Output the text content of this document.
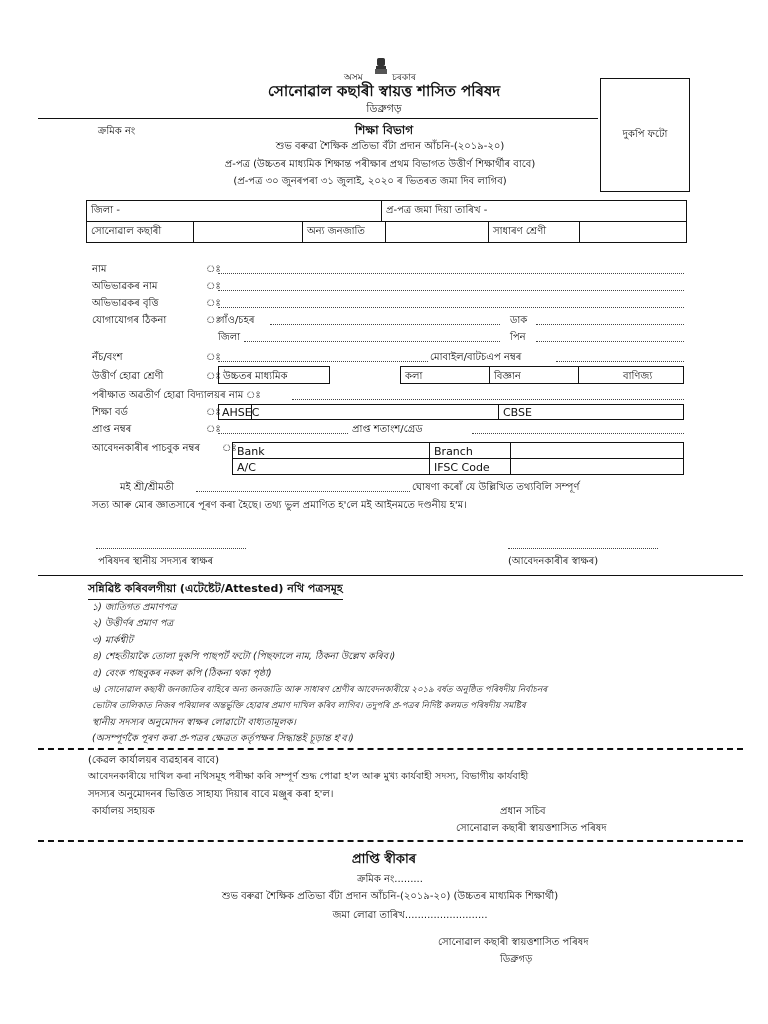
অসম	চৰকাৰ
সোনোৱাল কছাৰী স্বায়ত্ত শাসিত পৰিষদ
ডিব্ৰুগড়
ক্ৰমিক নং	শিক্ষা বিভাগ
শুভ বৰুৱা শৈক্ষিক প্ৰতিভা বঁটা প্ৰদান আঁচনি-(২০১৯-২০)
প্ৰ-পত্ৰ (উচ্চতৰ মাধ্যমিক শিক্ষান্ত পৰীক্ষাৰ প্ৰথম বিভাগত উত্তীৰ্ণ শিক্ষাৰ্থীৰ বাবে)
(প্ৰ-পত্ৰ ৩০ জুনৰপৰা ৩১ জুলাই, ২০২০ ৰ ভিতৰত জমা দিব লাগিব)
দুকপি ফটো
জিলা -	প্ৰ-পত্ৰ জমা দিয়া তাৰিখ -
সোনোৱাল কছাৰী	অন্য জনজাতি	সাধাৰণ শ্ৰেণী
নাম	ঃ
অভিভাৱকৰ নাম	ঃ
অভিভাৱকৰ বৃত্তি	ঃ
যোগাযোগৰ ঠিকনা	ঃ
গাঁও/চহৰ	ডাক
জিলা	পিন
নঁচ/বংশ	ঃ	মোবাইল/বাটচএপ নম্বৰ
উত্তীৰ্ণ হোৱা শ্ৰেণী	ঃ উচ্চতৰ মাধ্যমিক	কলা	বিজ্ঞান	বাণিজ্য
পৰীক্ষাত অৱতীৰ্ণ হোৱা বিদ্যালয়ৰ নাম ঃ
শিক্ষা বৰ্ড	ঃ AHSEC	CBSE
প্ৰাপ্ত নম্বৰ	ঃ	প্ৰাপ্ত শতাংশ/গ্ৰেড
আবেদনকাৰীৰ পাচবুক নম্বৰ ঃ Bank	Branch
A/C	IFSC Code
মই শ্ৰী/শ্ৰীমতী	ঘোষণা কৰোঁ যে উল্লিখিত তথ্যবিলি সম্পূৰ্ণ
সত্য আৰু মোৰ জ্ঞাতসাৰে পূৰণ কৰা হৈছে। তথ্য ভুল প্ৰমাণিত হ'লে মই আইনমতে দণ্ডনীয় হ'ম।
পৰিষদৰ স্থানীয় সদস্যৰ স্বাক্ষৰ	(আবেদনকাৰীৰ স্বাক্ষৰ)
সন্নিৱিষ্ট কৰিবলগীয়া (এটেষ্টেট/Attested) নথি পত্ৰসমূহ
১) জাতিগত প্ৰমাণপত্ৰ
২) উত্তীৰ্ণৰ প্ৰমাণ পত্ৰ
৩) মাৰ্কশ্বীট
৪) শেহতীয়াকৈ তোলা দুকপি পাছপৰ্ট ফটো (পিছফালে নাম, ঠিকনা উল্লেখ কৰিব।)
৫) বেংক পাছবুকৰ নকল কপি (ঠিকনা থকা পৃষ্ঠা)
৬) সোনোৱাল কছাৰী জনজাতিৰ বাহিৰে অন্য জনজাতি আৰু সাধাৰণ শ্ৰেণীৰ আবেদনকাৰীয়ে ২০১৯ বৰ্ষত অনুষ্ঠিত পৰিষদীয় নিৰ্বাচনৰ
ভোটাৰ তালিকাত নিজৰ পৰিয়ালৰ অন্তৰ্ভুক্তি হোৱাৰ প্ৰমাণ দাখিল কৰিব লাগিব। তদুপৰি প্ৰ-পত্ৰৰ নিৰ্দিষ্ট কলমত পৰিষদীয় সমষ্টিৰ
স্থানীয় সদস্যৰ অনুমোদন স্বাক্ষৰ লোৱাটো বাধ্যতামূলক।
(অসম্পূৰ্ণকৈ পূৰণ কৰা প্ৰ-পত্ৰৰ ক্ষেত্ৰত কৰ্তৃপক্ষৰ সিদ্ধান্তই চূড়ান্ত হ'ব।)
(কেৱল কাৰ্যালয়ৰ ব্যৱহাৰৰ বাবে)
আবেদনকাৰীয়ে দাখিল কৰা নথিসমূহ পৰীক্ষা কৰি সম্পূৰ্ণ শুদ্ধ পোৱা হ'ল আৰু মুখ্য কাৰ্যবাহী সদস্য, বিভাগীয় কাৰ্যবাহী
সদস্যৰ অনুমোদনৰ ভিত্তিত সাহায্য দিয়াৰ বাবে মঞ্জুৰ কৰা হ'ল।
কাৰ্যালয় সহায়ক	প্ৰধান সচিব
সোনোৱাল কছাৰী স্বায়ত্তশাসিত পৰিষদ
প্ৰাপ্তি স্বীকাৰ
ক্ৰমিক নং.........
শুভ বৰুৱা শৈক্ষিক প্ৰতিভা বঁটা প্ৰদান আঁচনি-(২০১৯-২০) (উচ্চতৰ মাধ্যমিক শিক্ষাৰ্থী)
জমা লোৱা তাৰিখ..........................
সোনোৱাল কছাৰী স্বায়ত্তশাসিত পৰিষদ
ডিব্ৰুগড়
